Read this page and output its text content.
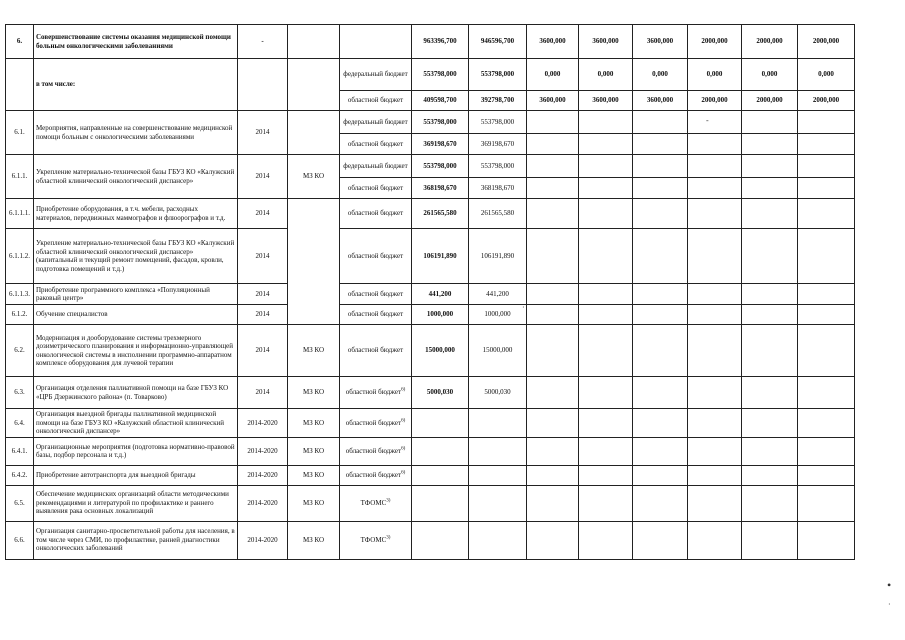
6.	Совершенствование системы оказания медицинской помощи больным онкологическими заболеваниями	-			963396,700	946596,700	3600,000	3600,000	3600,000	2000,000	2000,000	2000,000
	в том числе:			федеральный бюджет	553798,000	553798,000	0,000	0,000	0,000	0,000	0,000	0,000
				областной бюджет	409598,700	392798,700	3600,000	3600,000	3600,000	2000,000	2000,000	2000,000
6.1.	Мероприятия, направленные на совершенствование медицинской помощи больным с онкологическими заболеваниями	2014		федеральный бюджет	553798,000	553798,000						
				областной бюджет	369198,670	369198,670						
6.1.1.	Укрепление материально-технической базы ГБУЗ КО «Калужский областной клинический онкологический диспансер»	2014	МЗ КО	федеральный бюджет	553798,000	553798,000						
				областной бюджет	368198,670	368198,670						
6.1.1.1.	Приобретение оборудования, в т.ч. мебели, расходных материалов, передвижных маммографов и флюорографов и т.д.	2014		областной бюджет	261565,580	261565,580						
6.1.1.2.	Укрепление материально-технической базы ГБУЗ КО «Калужский областной клинический онкологический диспансер» (капитальный и текущий ремонт помещений, фасадов, кровли, подготовка помещений и т.д.)	2014		областной бюджет	106191,890	106191,890						
6.1.1.3.	Приобретение программного комплекса «Популяционный раковый центр»	2014		областной бюджет	441,200	441,200						
6.1.2.	Обучение специалистов	2014		областной бюджет	1000,000	1000,000						
6.2.	Модернизация и дооборудование системы трехмерного дозиметрического планирования и информационно-управляющей онкологической системы в инсполнении программно-аппаратном комплексе оборудования для лучевой терапии	2014	МЗ КО	областной бюджет	15000,000	15000,000						
6.3.	Организация отделения паллиативной помощи на базе ГБУЗ КО «ЦРБ Дзержинского района» (п. Товарково)	2014	МЗ КО	областной бюджет$^{6)}$	5000,030	5000,030						
6.4.	Организация выездной бригады паллиативной медицинской помощи на базе ГБУЗ КО «Калужский областной клинический онкологический диспансер»	2014-2020	МЗ КО	областной бюджет$^{6)}$								
6.4.1.	Организационные мероприятия (подготовка нормативно-правовой базы, подбор персонала и т.д.)	2014-2020	МЗ КО	областной бюджет$^{6)}$								
6.4.2.	Приобретение автотранспорта для выездной бригады	2014-2020	МЗ КО	областной бюджет$^{6)}$								
6.5.	Обеспечение медицинских организаций области методическими рекомендациями и литературой по профилактике и раннего выявления рака основных локализаций	2014-2020	МЗ КО	ТФОМС$^{3)}$								
6.6.	Организация санитарно-просветительной работы для населения, в том числе через СМИ, по профилактике, ранней диагностики онкологических заболеваний	2014-2020	МЗ КО	ТФОМС$^{3)}$								
-
·
•
·
